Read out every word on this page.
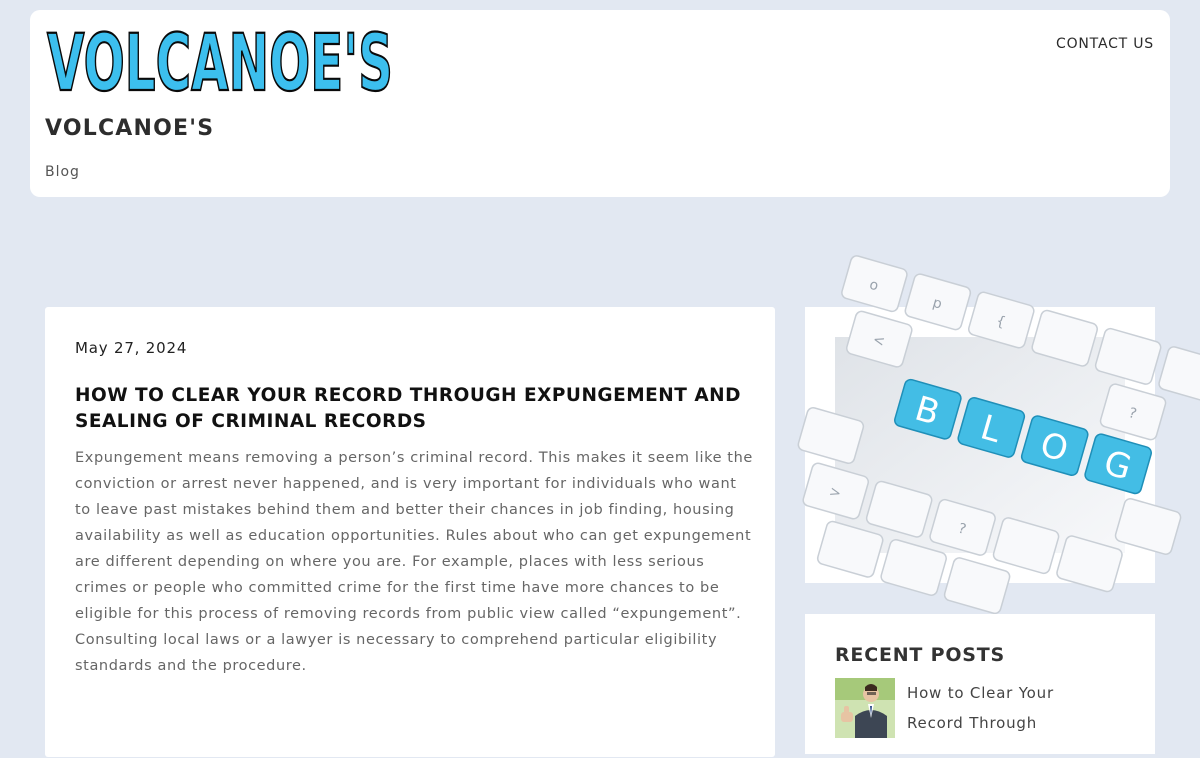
VOLCANOE'S	CONTACT US
VOLCANOE'S

Blog

May 27, 2024
HOW TO CLEAR YOUR RECORD THROUGH EXPUNGEMENT AND SEALING OF CRIMINAL RECORDS

Expungement means removing a person’s criminal record. This makes it seem like the conviction or arrest never happened, and is very important for individuals who want to leave past mistakes behind them and better their chances in job finding, housing availability as well as education opportunities. Rules about who can get expungement are different depending on where you are. For example, places with less serious crimes or people who committed crime for the first time have more chances to be eligible for this process of removing records from public view called “expungement”. Consulting local laws or a lawyer is necessary to comprehend particular eligibility standards and the procedure.

o
p
{
<
?
>
?
B L O G
RECENT POSTS
How to Clear Your Record Through
